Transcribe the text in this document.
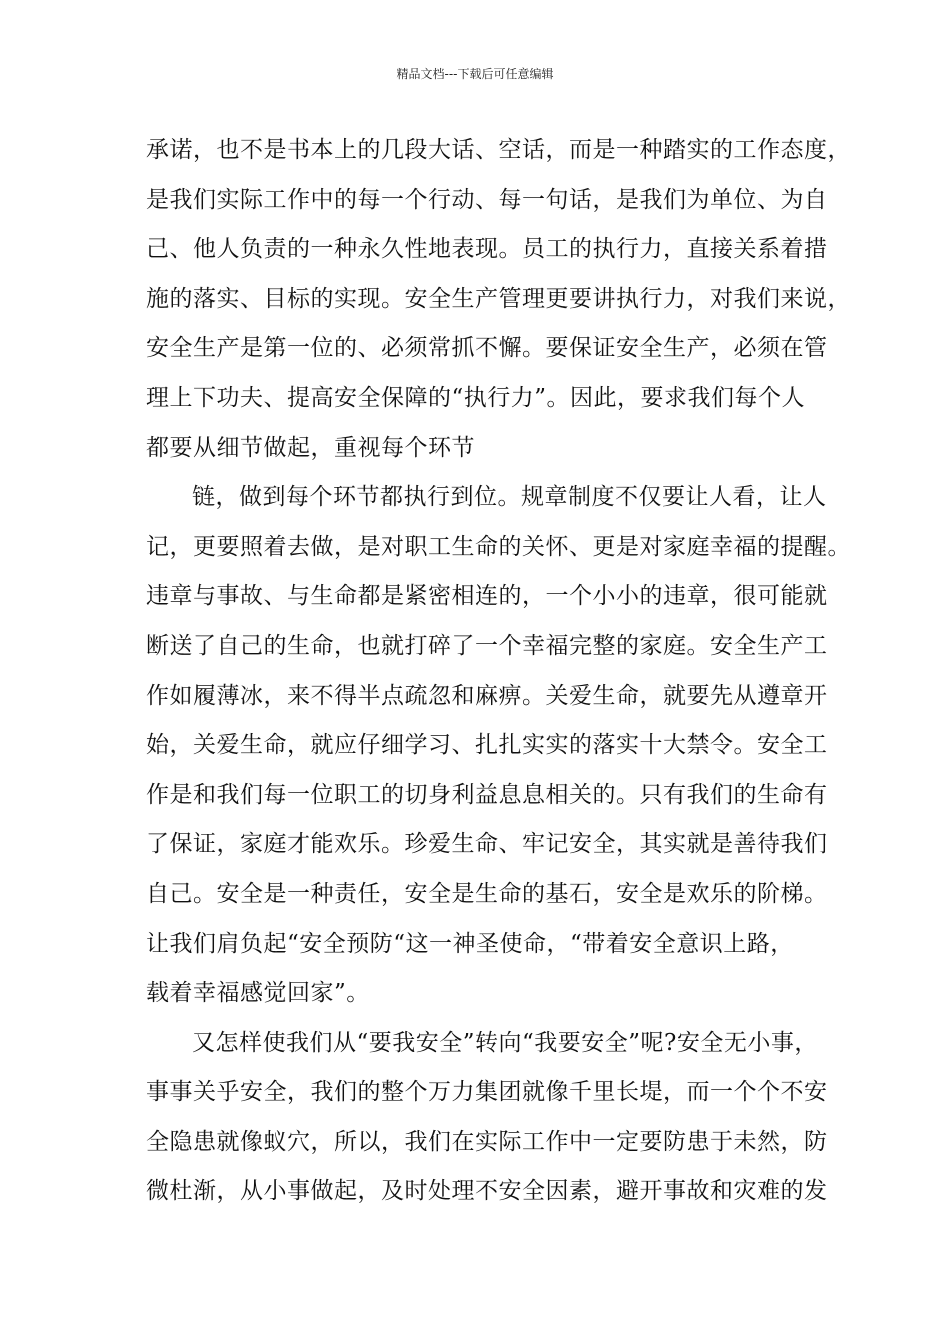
精品文档---下载后可任意编辑
承诺，也不是书本上的几段大话、空话，而是一种踏实的工作态度，
是我们实际工作中的每一个行动、每一句话，是我们为单位、为自
己、他人负责的一种永久性地表现。员工的执行力，直接关系着措
施的落实、目标的实现。安全生产管理更要讲执行力，对我们来说，
安全生产是第一位的、必须常抓不懈。要保证安全生产，必须在管
理上下功夫、提高安全保障的“执行力”。因此，要求我们每个人
都要从细节做起，重视每个环节
链，做到每个环节都执行到位。规章制度不仅要让人看，让人
记，更要照着去做，是对职工生命的关怀、更是对家庭幸福的提醒。
违章与事故、与生命都是紧密相连的，一个小小的违章，很可能就
断送了自己的生命，也就打碎了一个幸福完整的家庭。安全生产工
作如履薄冰，来不得半点疏忽和麻痹。关爱生命，就要先从遵章开
始，关爱生命，就应仔细学习、扎扎实实的落实十大禁令。安全工
作是和我们每一位职工的切身利益息息相关的。只有我们的生命有
了保证，家庭才能欢乐。珍爱生命、牢记安全，其实就是善待我们
自己。安全是一种责任，安全是生命的基石，安全是欢乐的阶梯。
让我们肩负起“安全预防“这一神圣使命，“带着安全意识上路，
载着幸福感觉回家”。
又怎样使我们从“要我安全”转向“我要安全”呢?安全无小事，
事事关乎安全，我们的整个万力集团就像千里长堤，而一个个不安
全隐患就像蚁穴，所以，我们在实际工作中一定要防患于未然，防
微杜渐，从小事做起，及时处理不安全因素，避开事故和灾难的发
